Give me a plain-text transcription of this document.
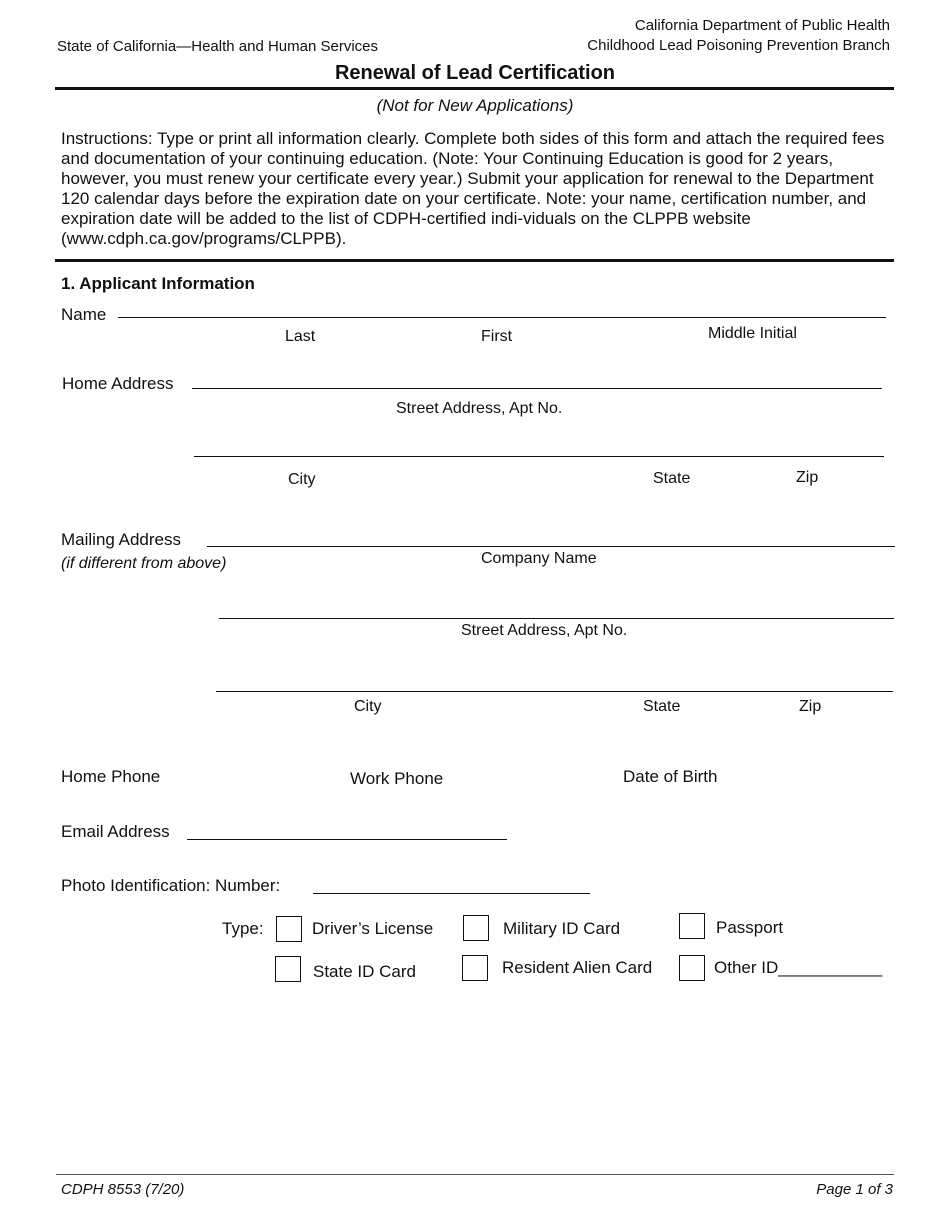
State of California—Health and Human Services
California Department of Public Health
Childhood Lead Poisoning Prevention Branch
Renewal of Lead Certification
(Not for New Applications)
Instructions: Type or print all information clearly. Complete both sides of this form and attach the required fees and documentation of your continuing education. (Note: Your Continuing Education is good for 2 years, however, you must renew your certificate every year.) Submit your application for renewal to the Department 120 calendar days before the expiration date on your certificate. Note: your name, certification number, and expiration date will be added to the list of CDPH-certified indi-viduals on the CLPPB website (www.cdph.ca.gov/programs/CLPPB).
1. Applicant Information
Name
Last	First	Middle Initial
Home Address
Street Address, Apt No.
City	State	Zip
Mailing Address
(if different from above)	Company Name
Street Address, Apt No.
City	State	Zip
Home Phone	Work Phone	Date of Birth
Email Address
Photo Identification: Number:
Type:	Driver’s License	Military ID Card	Passport
State ID Card	Resident Alien Card	Other ID___________
CDPH 8553 (7/20)	Page 1 of 3
